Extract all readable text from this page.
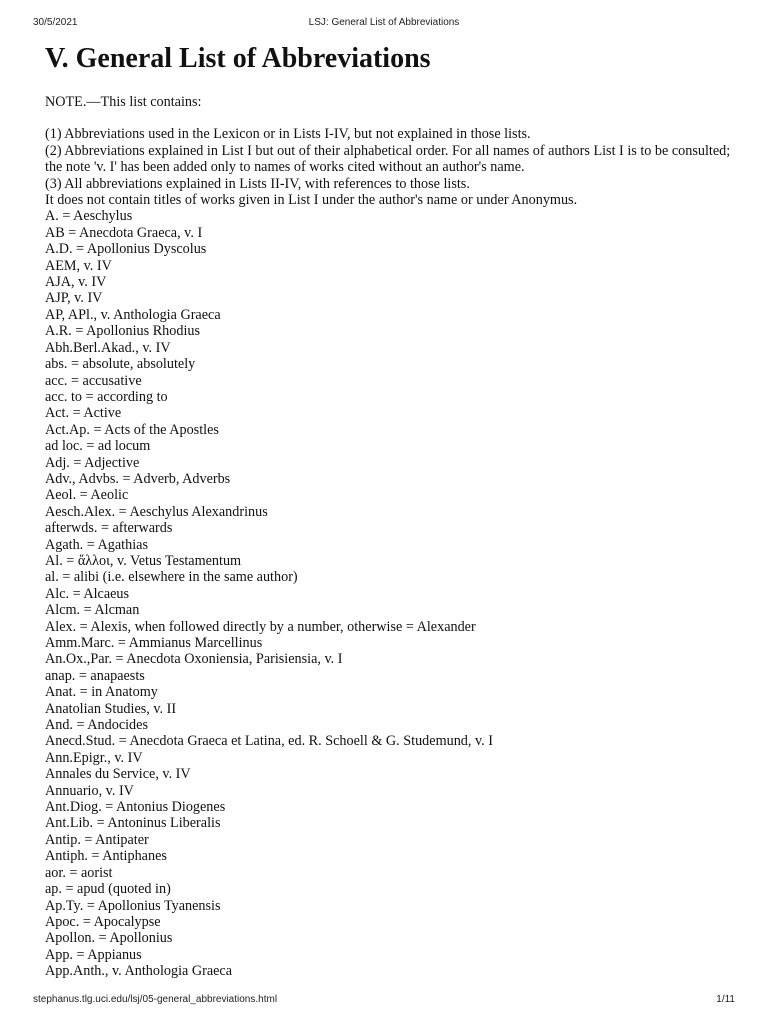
30/5/2021	LSJ: General List of Abbreviations
V. General List of Abbreviations

NOTE.—This list contains:

(1) Abbreviations used in the Lexicon or in Lists I-IV, but not explained in those lists.

(2) Abbreviations explained in List I but out of their alphabetical order. For all names of authors List I is to be consulted; the note 'v. I' has been added only to names of works cited without an author's name.

(3) All abbreviations explained in Lists II-IV, with references to those lists.

It does not contain titles of works given in List I under the author's name or under Anonymus.

A. = Aeschylus
AB = Anecdota Graeca, v. I
A.D. = Apollonius Dyscolus
AEM, v. IV
AJA, v. IV
AJP, v. IV
AP, APl., v. Anthologia Graeca
A.R. = Apollonius Rhodius
Abh.Berl.Akad., v. IV
abs. = absolute, absolutely
acc. = accusative
acc. to = according to
Act. = Active
Act.Ap. = Acts of the Apostles
ad loc. = ad locum
Adj. = Adjective
Adv., Advbs. = Adverb, Adverbs
Aeol. = Aeolic
Aesch.Alex. = Aeschylus Alexandrinus
afterwds. = afterwards
Agath. = Agathias
Al. = ἄλλοι, v. Vetus Testamentum
al. = alibi (i.e. elsewhere in the same author)
Alc. = Alcaeus
Alcm. = Alcman
Alex. = Alexis, when followed directly by a number, otherwise = Alexander
Amm.Marc. = Ammianus Marcellinus
An.Ox.,Par. = Anecdota Oxoniensia, Parisiensia, v. I
anap. = anapaests
Anat. = in Anatomy
Anatolian Studies, v. II
And. = Andocides
Anecd.Stud. = Anecdota Graeca et Latina, ed. R. Schoell & G. Studemund, v. I
Ann.Epigr., v. IV
Annales du Service, v. IV
Annuario, v. IV
Ant.Diog. = Antonius Diogenes
Ant.Lib. = Antoninus Liberalis
Antip. = Antipater
Antiph. = Antiphanes
aor. = aorist
ap. = apud (quoted in)
Ap.Ty. = Apollonius Tyanensis
Apoc. = Apocalypse
Apollon. = Apollonius
App. = Appianus
App.Anth., v. Anthologia Graeca
stephanus.tlg.uci.edu/lsj/05-general_abbreviations.html	1/11
